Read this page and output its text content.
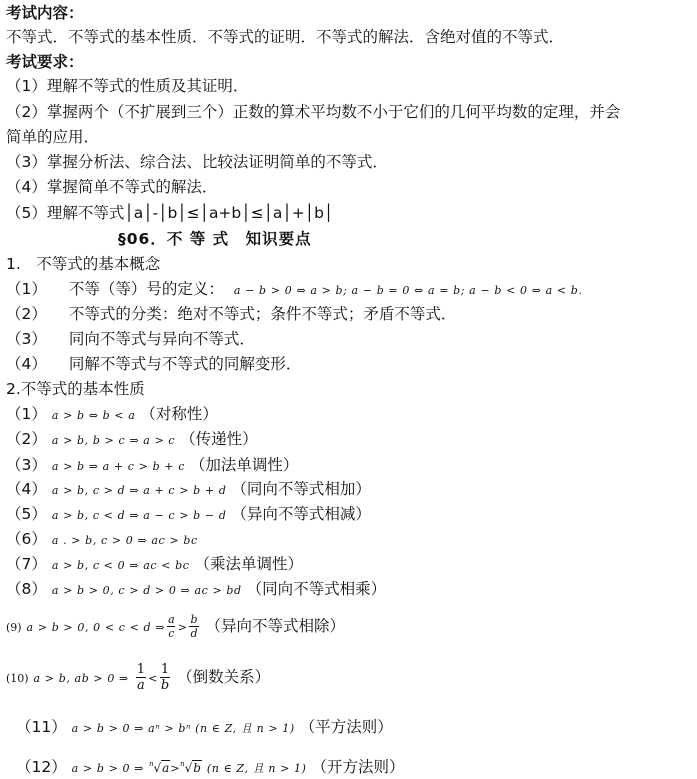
考试内容：
不等式．不等式的基本性质．不等式的证明．不等式的解法．含绝对值的不等式．
考试要求：
（1）理解不等式的性质及其证明．
（2）掌握两个（不扩展到三个）正数的算术平均数不小于它们的几何平均数的定理，并会
简单的应用．
（3）掌握分析法、综合法、比较法证明简单的不等式．
（4）掌握简单不等式的解法．
（5）理解不等式│a│-│b│≤│a+b│≤│a│+│b│
§06．不 等 式　知识要点
1.　不等式的基本概念
（1） 不等（等）号的定义： a − b > 0 ⇔ a > b; a − b = 0 ⇔ a = b; a − b < 0 ⇔ a < b.
（2） 不等式的分类：绝对不等式；条件不等式；矛盾不等式．
（3） 同向不等式与异向不等式．
（4） 同解不等式与不等式的同解变形．
2.不等式的基本性质
（1） a > b ⇔ b < a （对称性）
（2） a > b, b > c ⇒ a > c （传递性）
（3） a > b ⇒ a + c > b + c （加法单调性）
（4） a > b, c > d ⇒ a + c > b + d （同向不等式相加）
（5） a > b, c < d ⇒ a − c > b − d （异向不等式相减）
（6） a . > b, c > 0 ⇒ ac > bc
（7） a > b, c < 0 ⇒ ac < bc （乘法单调性）
（8） a > b > 0, c > d > 0 ⇒ ac > bd （同向不等式相乘）
(9) a > b > 0, 0 < c < d ⇒ $\frac{a}{c} > \frac{b}{d}$ （异向不等式相除）
(10) a > b, ab > 0 ⇒ $\frac{1}{a} < \frac{1}{b}$ （倒数关系）
（11） a > b > 0 ⇒ aⁿ > bⁿ (n ∈ Z, 且 n > 1) （平方法则）
（12） a > b > 0 ⇒ $^n$√a>$^n$√b (n ∈ Z, 且 n > 1) （开方法则）
